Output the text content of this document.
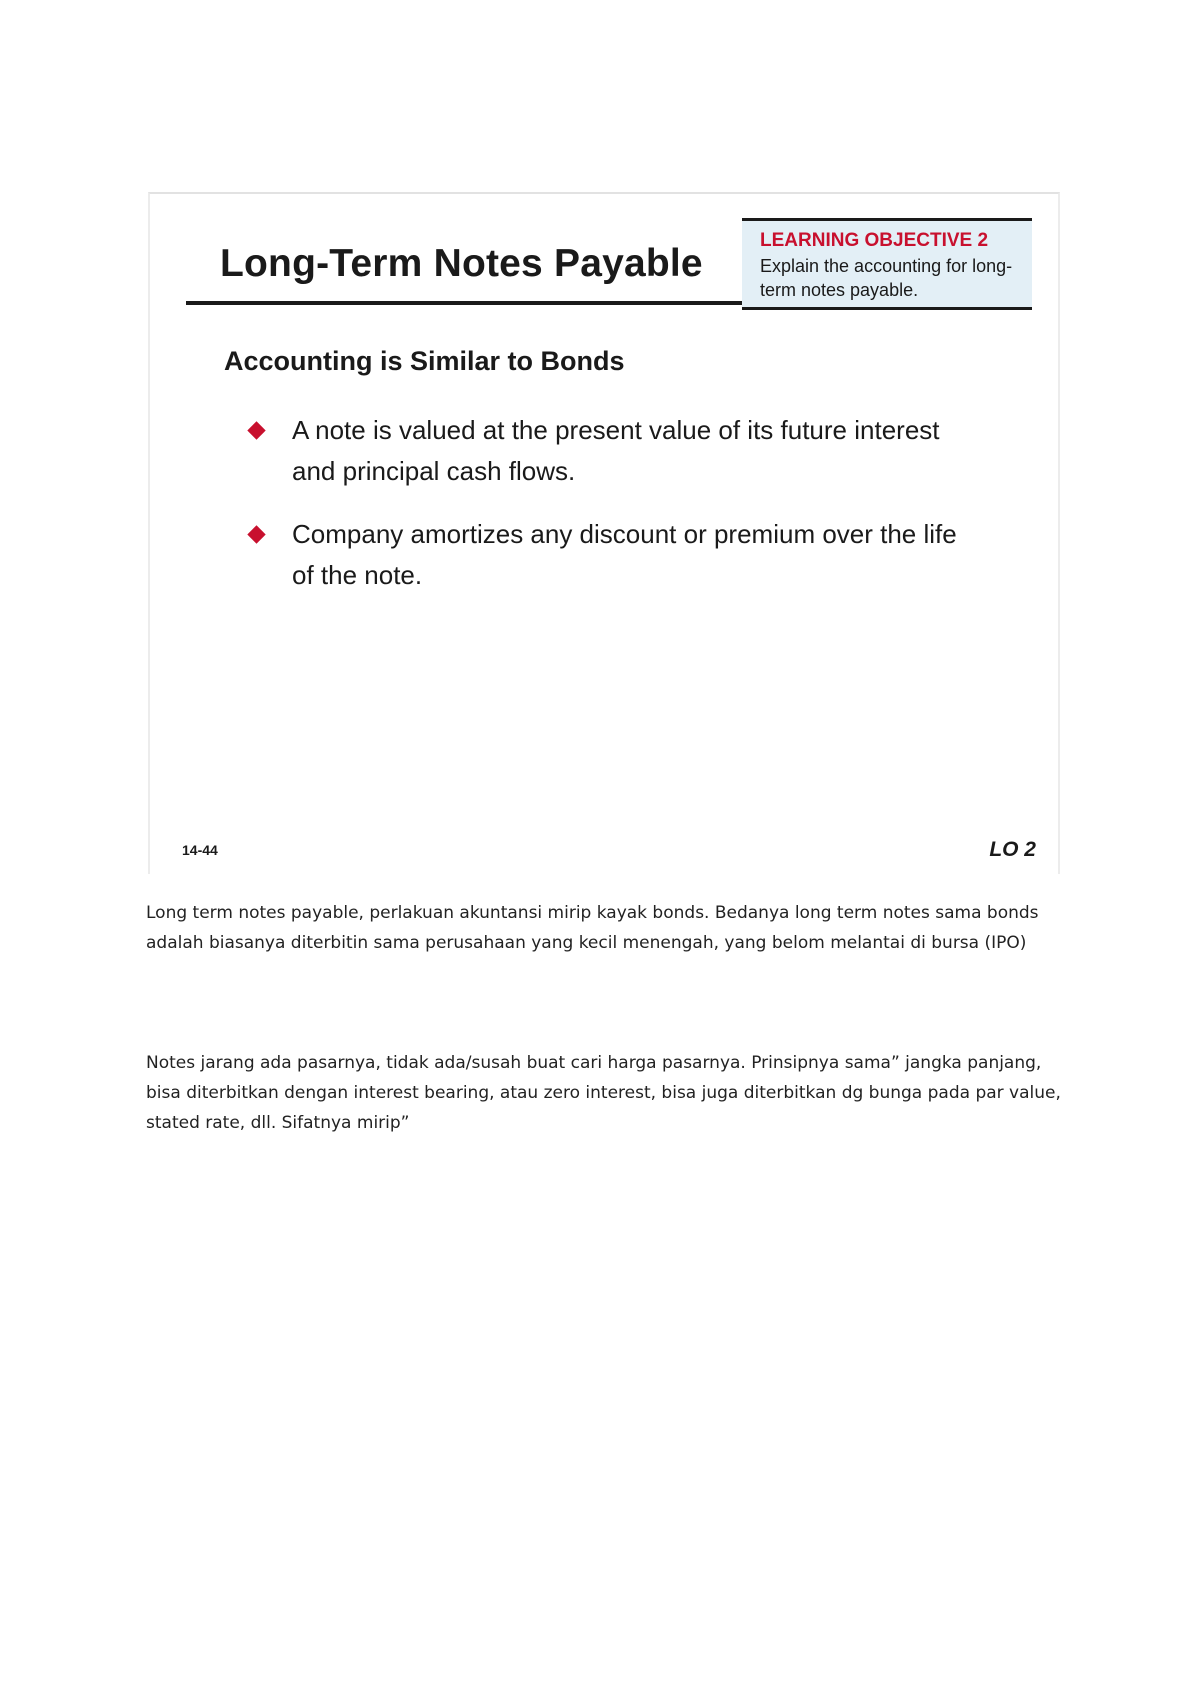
Long-Term Notes Payable
LEARNING OBJECTIVE 2
Explain the accounting for long-term notes payable.
Accounting is Similar to Bonds
A note is valued at the present value of its future interest and principal cash flows.
Company amortizes any discount or premium over the life of the note.
14-44	LO 2

Long term notes payable, perlakuan akuntansi mirip kayak bonds. Bedanya long term notes sama bonds adalah biasanya diterbitin sama perusahaan yang kecil menengah, yang belom melantai di bursa (IPO)

Notes jarang ada pasarnya, tidak ada/susah buat cari harga pasarnya. Prinsipnya sama” jangka panjang, bisa diterbitkan dengan interest bearing, atau zero interest, bisa juga diterbitkan dg bunga pada par value, stated rate, dll. Sifatnya mirip”
